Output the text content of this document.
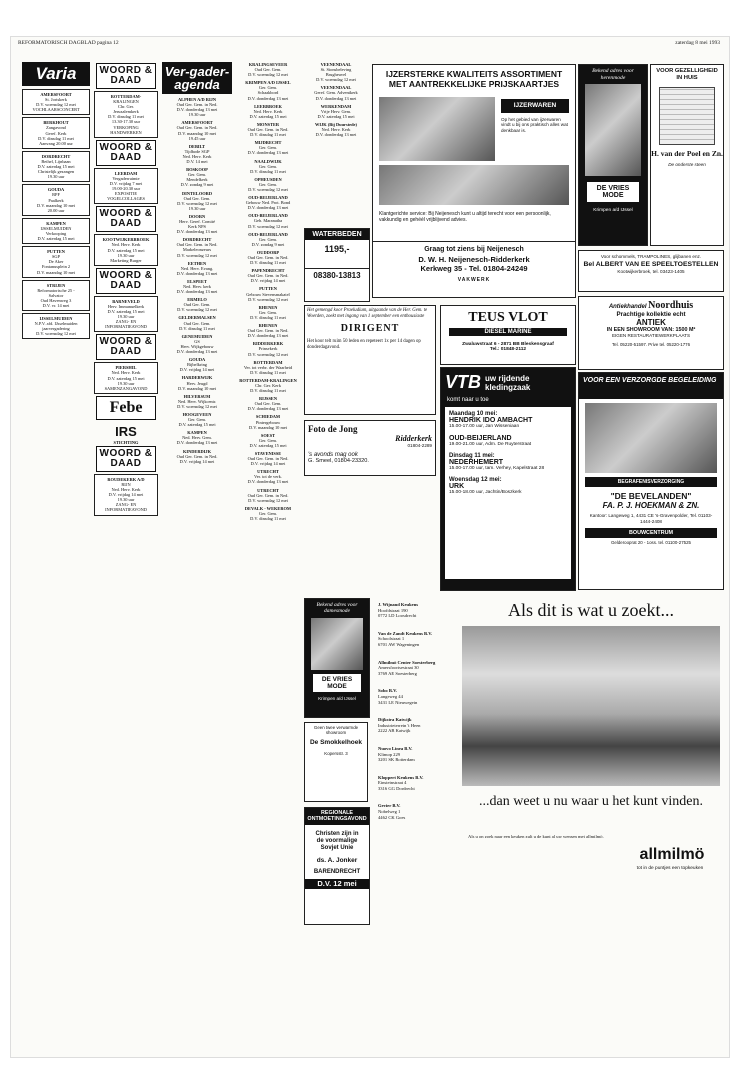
REFORMATORISCH DAGBLAD pagina 12	zaterdag 8 mei 1993
Varia
AMERSFOORT
St. Joriskerk
D.V. woensdag 12 mei
VOCHLAARSCONCERT
BERKHOUT
Zangavond
Geref. Kerk
D.V. dinsdag 11 mei
Aanvang 20.00 uur
DORDRECHT
Bethel, Lijnbaan
D.V. zaterdag 15 mei
Christelijk gezangen
19.30 uur
GOUDA
RPF
Paalkerk
D.V. maandag 10 mei
20.00 uur
KAMPEN
IJSSELMUIDEN
Verkooping
D.V. zaterdag 15 mei
PUTTEN
SGP
De Aker
Fontanusplein 2
D.V. maandag 10 mei
STRIJEN
Reformatorische 25 -
Salvator
Oud Havenweg 3
D.V. vr. 14 mei
IJSSELMUIDEN
N.P.V. afd. IJsselmuiden
jaarvergadering
D.V. woensdag 12 mei
WOORD & DAAD
ROTTERDAM-
KRALINGEN
Chr. Ger.
Jeruzalemkerk
D.V. dinsdag 11 mei
13.30-17.30 uur
VERKOPING
HANDWERKEN
WOORD & DAAD
LEERDAM
Vergaderruimte
D.V. vrijdag 7 mei
19.00-20.30 uur
EXPOSITIE
VOGELCOLLAGES
WOORD & DAAD
KOOTWIJKERBROEK
Ned. Herv. Kerk
D.V. zaterdag 15 mei
19.30 uur
Marketing Burger
WOORD & DAAD
BARNEVELD
Herv. Immanuelkerk
D.V. zaterdag 15 mei
19.30 uur
ZANG- EN
INFORMATIEAVOND
WOORD & DAAD
PIERSHIL
Ned. Herv. Kerk
D.V. zaterdag 15 mei
19.30 uur
SAMENZANGAVOND
Febe
IRS
STICHTING
WOORD & DAAD
ROUDEKERK A/D
RIJN
Ned. Herv. Kerk
D.V. vrijdag 14 mei
19.30 uur
ZANG- EN
INFORMATIEAVOND
Ver-gader-agenda
ALPHEN A/D RIJN
Oud Ger. Gem. in Ned.
D.V. donderdag 13 mei
19.30 uur
AMERSFOORT
Oud Ger. Gem. in Ned.
D.V. maandag 10 mei
19.45 uur
DEBILT
Tijdbode SGP
Ned. Herv. Kerk
D.V. 14 mei
BOSKOOP
Ger. Gem.
Mendelkerk
D.V. zondag 9 mei
DINTELOORD
Oud Ger. Gem.
D.V. woensdag 12 mei
19.30 uur
DOORN
Herv. Geref. Comité
Kerk NPS
D.V. donderdag 13 mei
DORDRECHT
Oud Ger. Gem. in Ned.
Markeleonzeurs
D.V. woensdag 12 mei
EETHEN
Ned. Herv. Evang.
D.V. donderdag 13 mei
ELSPEET
Ned. Herv. kerk
D.V. donderdag 13 mei
ERMELO
Oud Ger. Gem.
D.V. woensdag 12 mei
GELDERMALSEN
Oud Ger. Gem.
D.V. dinsdag 11 mei
GENEMUIDEN
GS
Herv. Wijkgebouw
D.V. donderdag 13 mei
GOUDA
Bijbelkring
D.V. vrijdag 14 mei
HARDERWIJK
Herv. Jeugd
D.V. maandag 10 mei
HILVERSUM
Ned. Herv. Wijkcentr.
D.V. woensdag 12 mei
HOOGEVEEN
Ger. Gem.
D.V. zaterdag 15 mei
KAMPEN
Ned. Herv. Gem.
D.V. donderdag 13 mei
KINDERDIJK
Oud Ger. Gem. in Ned.
D.V. vrijdag 14 mei
KRALINGSEVEER
Oud Ger. Gem.
D.V. woensdag 12 mei
KRIMPEN A/D IJSSEL
Ger. Gem.
Schaakbord
D.V. donderdag 13 mei
LEERBROEK
Ned. Herv. Kerk
D.V. zaterdag 15 mei
MONSTER
Oud Ger. Gem. in Ned.
D.V. dinsdag 11 mei
MIJDRECHT
Ger. Gem.
D.V. donderdag 13 mei
NAALDWIJK
Ger. Gem.
D.V. dinsdag 11 mei
OPHEUSDEN
Ger. Gem.
D.V. woensdag 12 mei
OUD-BEIJERLAND
Gebouw Ned. Prot. Bond
D.V. donderdag 13 mei
OUD-BEIJERLAND
Geb. Maranatha
D.V. woensdag 12 mei
OUD-BEIJERLAND
Ger. Gem.
D.V. zondag 9 mei
OUDDORP
Oud Ger. Gem. in Ned.
D.V. dinsdag 11 mei
PAPENDRECHT
Oud Ger. Gem. in Ned.
D.V. vrijdag 14 mei
PUTTEN
Gebouw Stevensmakatel
D.V. woensdag 12 mei
RHENEN
Ger. Gem.
D.V. dinsdag 11 mei
RHENEN
Oud Ger. Gem. in Ned.
D.V. donderdag 13 mei
RIDDERKERK
Prinsekerk
D.V. woensdag 12 mei
ROTTERDAM
Ver. tot verbr. der Waarheid
D.V. dinsdag 11 mei
ROTTERDAM-KRALINGEN
Chr. Ger. Kerk
D.V. dinsdag 11 mei
RIJSSEN
Oud Ger. Gem.
D.V. donderdag 13 mei
SCHIEDAM
Pintergebouw
D.V. maandag 10 mei
SOEST
Ger. Gem.
D.V. zaterdag 15 mei
STAVENISSE
Oud Ger. Gem. in Ned.
D.V. vrijdag 14 mei
UTRECHT
Ver. tot de verk.
D.V. donderdag 13 mei
UTRECHT
Oud Ger. Gem. in Ned.
D.V. woensdag 12 mei
DEVALK - WEKEROM
Ger. Gem.
D.V. dinsdag 11 mei
VEENENDAAL
St. Sionsbeleving
Brugheuvel
D.V. woensdag 12 mei
VEENENDAAL
Geref. Gem. Adventkerk
D.V. donderdag 13 mei
WERKENDAM
Vrije Herv. Gem.
D.V. zaterdag 15 mei
WIJK (Bij Duurstede)
Ned. Herv. Kerk
D.V. donderdag 13 mei
WATERBEDEN
1195,-
08380-13813
Het gemengd koor Praeludium, uitgaande van de Her. Gem. te Woerden, zoekt met ingang van 1 september een enthousiaste
DIRIGENT
Het koor telt ruim 50 leden en repeteert 1x per 14 dagen op donderdagavond.
Foto de Jong
Ridderkerk
01804-2289
's avonds mag ook
G. Smeel, 01804-23320.
Bekend adres voor damesmode
DE VRIES MODE
Krimpen a/d IJssel
Geen twee verwarmde
showroom
De Smokkelhoek
Kopersstr. 3
REGIONALE ONTMOETINGSAVOND
Christen zijn in
de voormalige
Sovjet Unie
ds. A. Jonker
BARENDRECHT
D.V. 12 mei
IJZERSTERKE KWALITEITS ASSORTIMENT MET AANTREKKELIJKE PRIJSKAARTJES
IJZERWAREN
Op het gebied van ijzerwaren vindt u bij ons praktisch alles wat denkbaar is.
Klantgerichte service: Bij Neijenesch kunt u altijd terecht voor een persoonlijk, vakkundig en gehéél vrijblijvend advies.
Graag tot ziens bij Neijenesch
D. W. H. Neijenesch-Ridderkerk
Kerkweg 35 - Tel. 01804-24249
VAKWERK
Bekend adres voor herenmode
DE VRIES MODE
Krimpen a/d IJssel
VOOR GEZELLIGHEID IN HUIS
H. van der Poel en Zn.
De onderste steen
Voor schommels, TRAMPOLINES, glijbanen enz.
Bel ALBERT VAN EE SPEELTOESTELLEN
Kootwijkerbroek, tel. 03423-1405
TEUS VLOT
DIESEL MARINE
Zwaluwstraat 6 - 2871 BB Bleskensgraaf
Tel.: 01848-2112
Antiekhandel Noordhuis
Prachtige kollektie echt
ANTIEK
IN EEN SHOWROOM VAN: 1500 M²
EIGEN RESTAURATIEWERKPLAATS
Tel. 05220-51597. Prive tel. 05220-1776
VTB uw rijdende kledingzaak
komt naar u toe
Maandag 10 mei:
HENDRIK IDO AMBACHT
15.00-17.00 uur, Jan Wisseniaan
OUD-BEIJERLAND
19.00-21.00 uur, Adm. De Ruyterstraat
Dinsdag 11 mei:
NEDERHEMERT
15.00-17.00 uur, tam. Verhey, Kapelstraat 28
Woensdag 12 mei:
URK
15.00-18.00 uur, Jachtin/Boszkerk
VOOR EEN VERZORGDE BEGELEIDING
BEGRAFENISVERZORGING
"DE BEVELANDEN"
FA. P. J. HOEKMAN & ZN.
Kantoor: Langeweg 1, 4431 CE 's-Gravenpolder, Tel. 01103-1444-2408
BOUWCENTRUM
Gelderooprat 20 - 1oss. tel. 01100-27525
J. Wijnand Keukens
Hoofdstraat 190
0772 LD Loosdrecht
Van de Zandt Keukens B.V.
Schoolstraat 1
6701 AW Wageningen
Allmilmö Center Soesterberg
Amersfoortsestraat 30
3769 AE Soesterberg
Sobo B.V.
Langeweg 44
3431 LE Nieuwegein
Dijkstra Katwijk
Industrieterrein 't Heen
2222 AB Katwijk
Nuovo Linea B.V.
Klimop 229
3201 SK Rotterdam
Kloppert Keukens B.V.
Einsteinstraat 4
3316 GG Dordrecht
Gevier B.V.
Nobelweg 1
4462 CK Goes
Als dit is wat u zoekt...
...dan weet u nu waar u het kunt vinden.
Als u on zoek naar een keuken zult u de kunt al uw wensen met allmilmö.
allmilmö
tot in de puntjes een topkeuken
